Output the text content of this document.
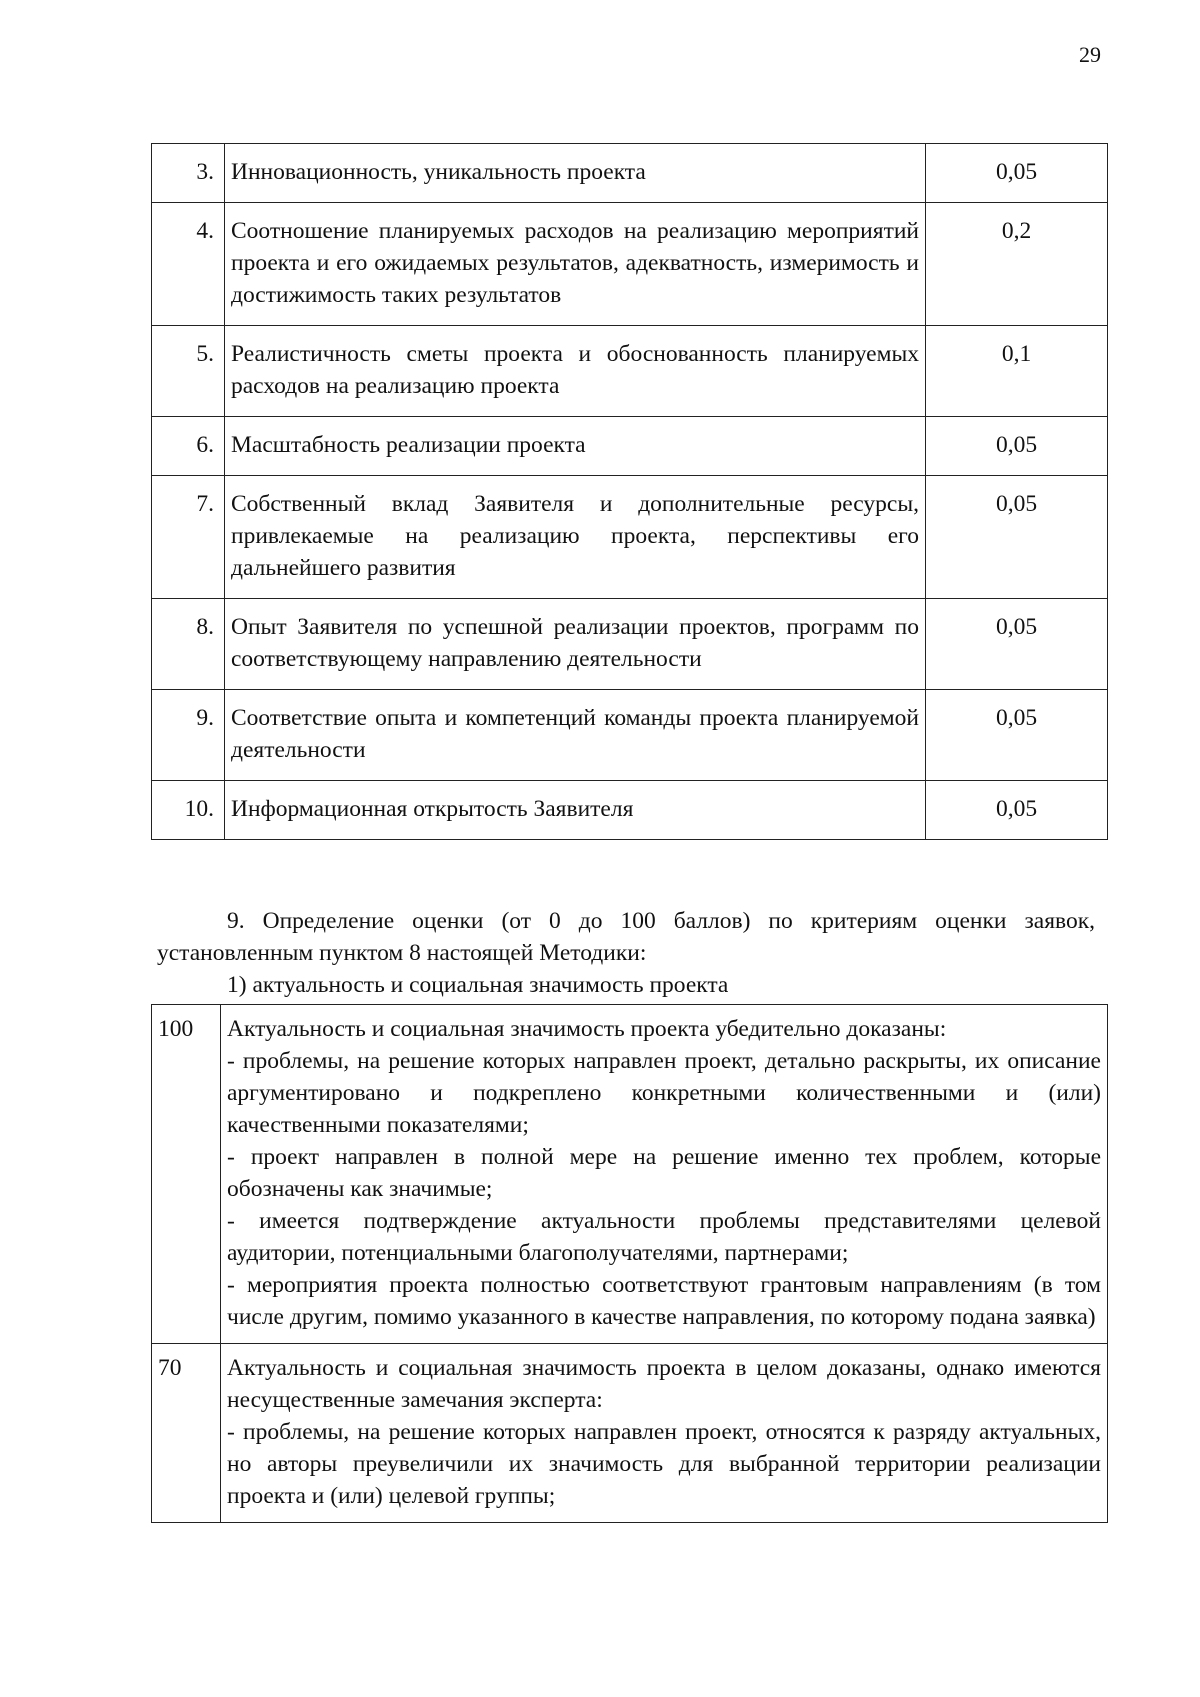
29
3.	Инновационность, уникальность проекта	0,05
4.	Соотношение планируемых расходов на реализацию мероприятий проекта и его ожидаемых результатов, адекватность, измеримость и достижимость таких результатов	0,2
5.	Реалистичность сметы проекта и обоснованность планируемых расходов на реализацию проекта	0,1
6.	Масштабность реализации проекта	0,05
7.	Собственный вклад Заявителя и дополнительные ресурсы, привлекаемые на реализацию проекта, перспективы его дальнейшего развития	0,05
8.	Опыт Заявителя по успешной реализации проектов, программ по соответствующему направлению деятельности	0,05
9.	Соответствие опыта и компетенций команды проекта планируемой деятельности	0,05
10.	Информационная открытость Заявителя	0,05
9. Определение оценки (от 0 до 100 баллов) по критериям оценки заявок, установленным пунктом 8 настоящей Методики:
1) актуальность и социальная значимость проекта
100	Актуальность и социальная значимость проекта убедительно доказаны:
- проблемы, на решение которых направлен проект, детально раскрыты, их описание аргументировано и подкреплено конкретными количественными и (или) качественными показателями;
- проект направлен в полной мере на решение именно тех проблем, которые обозначены как значимые;
- имеется подтверждение актуальности проблемы представителями целевой аудитории, потенциальными благополучателями, партнерами;
- мероприятия проекта полностью соответствуют грантовым направлениям (в том числе другим, помимо указанного в качестве направления, по которому подана заявка)

70	Актуальность и социальная значимость проекта в целом доказаны, однако имеются несущественные замечания эксперта:
- проблемы, на решение которых направлен проект, относятся к разряду актуальных, но авторы преувеличили их значимость для выбранной территории реализации проекта и (или) целевой группы;
